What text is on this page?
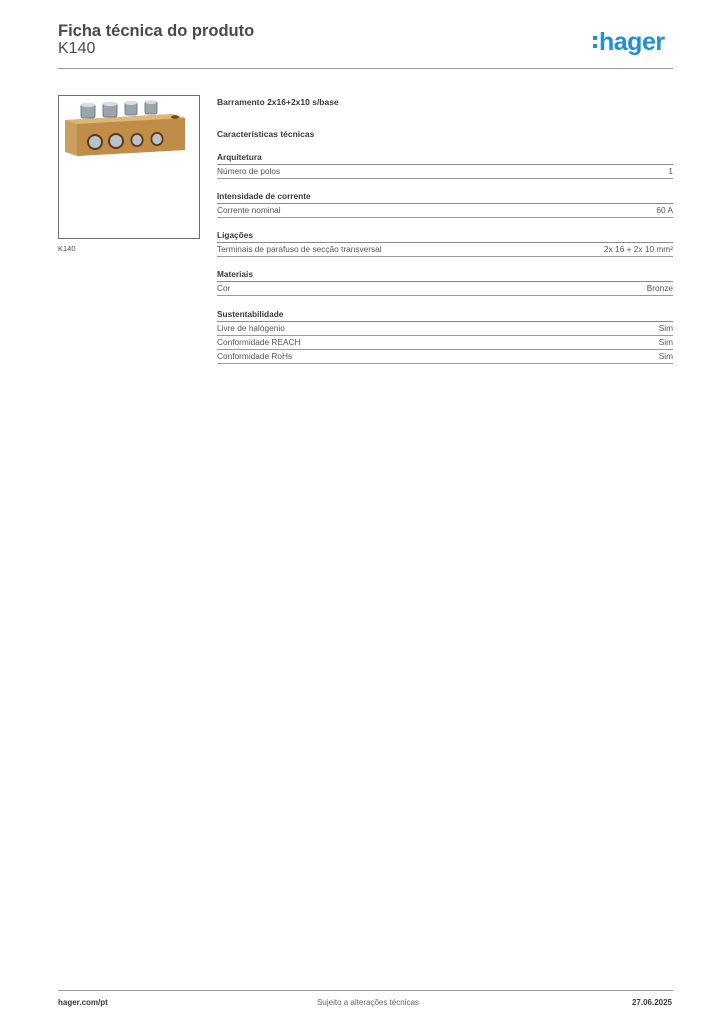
Ficha técnica do produto
K140	hager
K140
Barramento 2x16+2x10 s/base
Características técnicas
Arquitetura
Número de polos	1
Intensidade de corrente
Corrente nominal	60 A
Ligações
Terminais de parafuso de secção transversal	2x 16 + 2x 10 mm²
Materiais
Cor	Bronze
Sustentabilidade
Livre de halógenio	Sim
Conformidade REACH	Sim
Conformidade RoHs	Sim
hager.com/pt	Sujeito a alterações técnicas	27.06.2025
